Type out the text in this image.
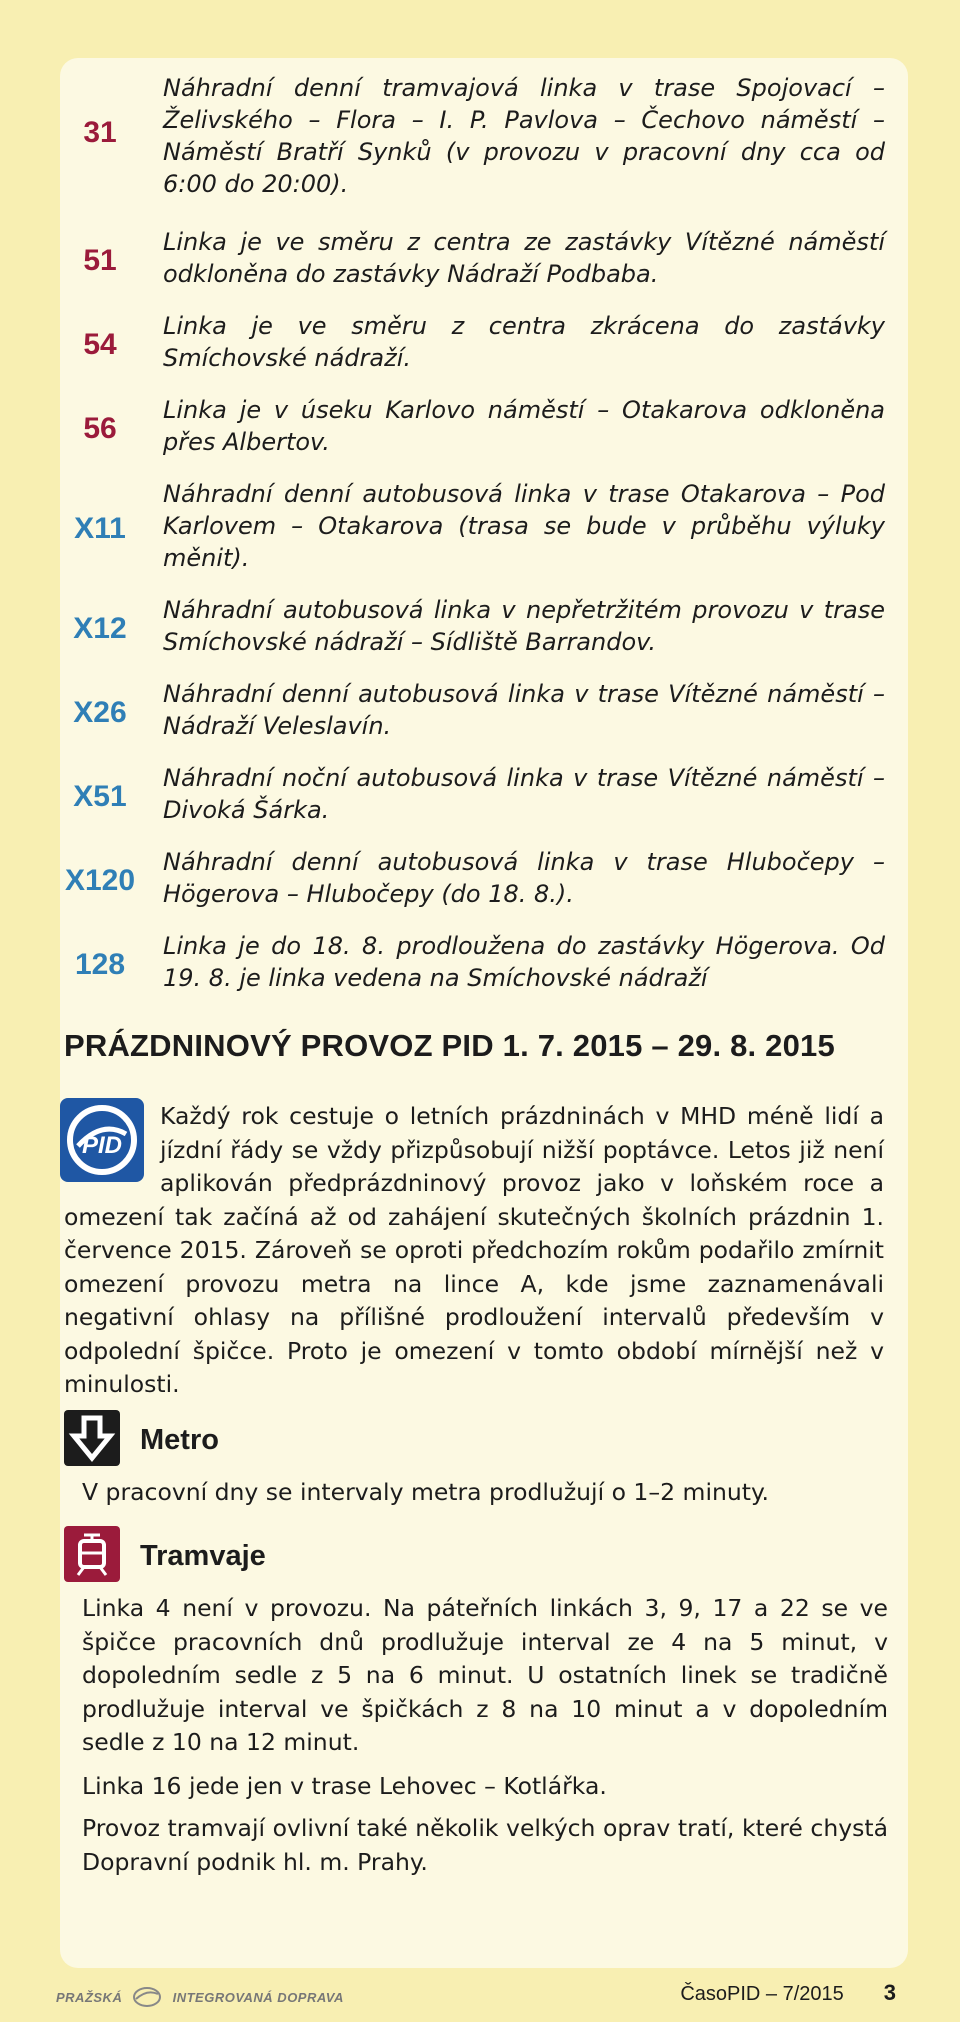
31
Náhradní denní tramvajová linka v trase Spojovací – Želivského – Flora – I. P. Pavlova – Čechovo náměstí – Náměstí Bratří Synků (v provozu v pracovní dny cca od 6:00 do 20:00).
51
Linka je ve směru z centra ze zastávky Vítězné náměstí odkloněna do zastávky Nádraží Podbaba.
54
Linka je ve směru z centra zkrácena do zastávky Smíchovské nádraží.
56
Linka je v úseku Karlovo náměstí – Otakarova odkloněna přes Albertov.
X11
Náhradní denní autobusová linka v trase Otakarova – Pod Karlovem – Otakarova (trasa se bude v průběhu výluky měnit).
X12
Náhradní autobusová linka v nepřetržitém provozu v trase Smíchovské nádraží – Sídliště Barrandov.
X26
Náhradní denní autobusová linka v trase Vítězné náměstí – Nádraží Veleslavín.
X51
Náhradní noční autobusová linka v trase Vítězné náměstí – Divoká Šárka.
X120
Náhradní denní autobusová linka v trase Hlubočepy – Högerova – Hlubočepy (do 18. 8.).
128
Linka je do 18. 8. prodloužena do zastávky Högerova. Od 19. 8. je linka vedena na Smíchovské nádraží
PRÁZDNINOVÝ PROVOZ PID 1. 7. 2015 – 29. 8. 2015
PID
Každý rok cestuje o letních prázdninách v MHD méně lidí a jízdní řády se vždy přizpůsobují nižší poptávce. Letos již není aplikován předprázdninový provoz jako v loňském roce a omezení tak začíná až od zahájení skutečných školních prázdnin 1. července 2015. Zároveň se oproti předchozím rokům podařilo zmírnit omezení provozu metra na lince A, kde jsme zaznamenávali negativní ohlasy na přílišné prodloužení intervalů především v odpolední špičce. Proto je omezení v tomto období mírnější než v minulosti.
Metro
V pracovní dny se intervaly metra prodlužují o 1–2 minuty.
Tramvaje
Linka 4 není v provozu. Na páteřních linkách 3, 9, 17 a 22 se ve špičce pracovních dnů prodlužuje interval ze 4 na 5 minut, v dopoledním sedle z 5 na 6 minut. U ostatních linek se tradičně prodlužuje interval ve špičkách z 8 na 10 minut a v dopoledním sedle z 10 na 12 minut.
Linka 16 jede jen v trase Lehovec – Kotlářka.
Provoz tramvají ovlivní také několik velkých oprav tratí, které chystá Dopravní podnik hl. m. Prahy.
PRAŽSKÁ	INTEGROVANÁ DOPRAVA	ČasoPID – 7/2015 3
